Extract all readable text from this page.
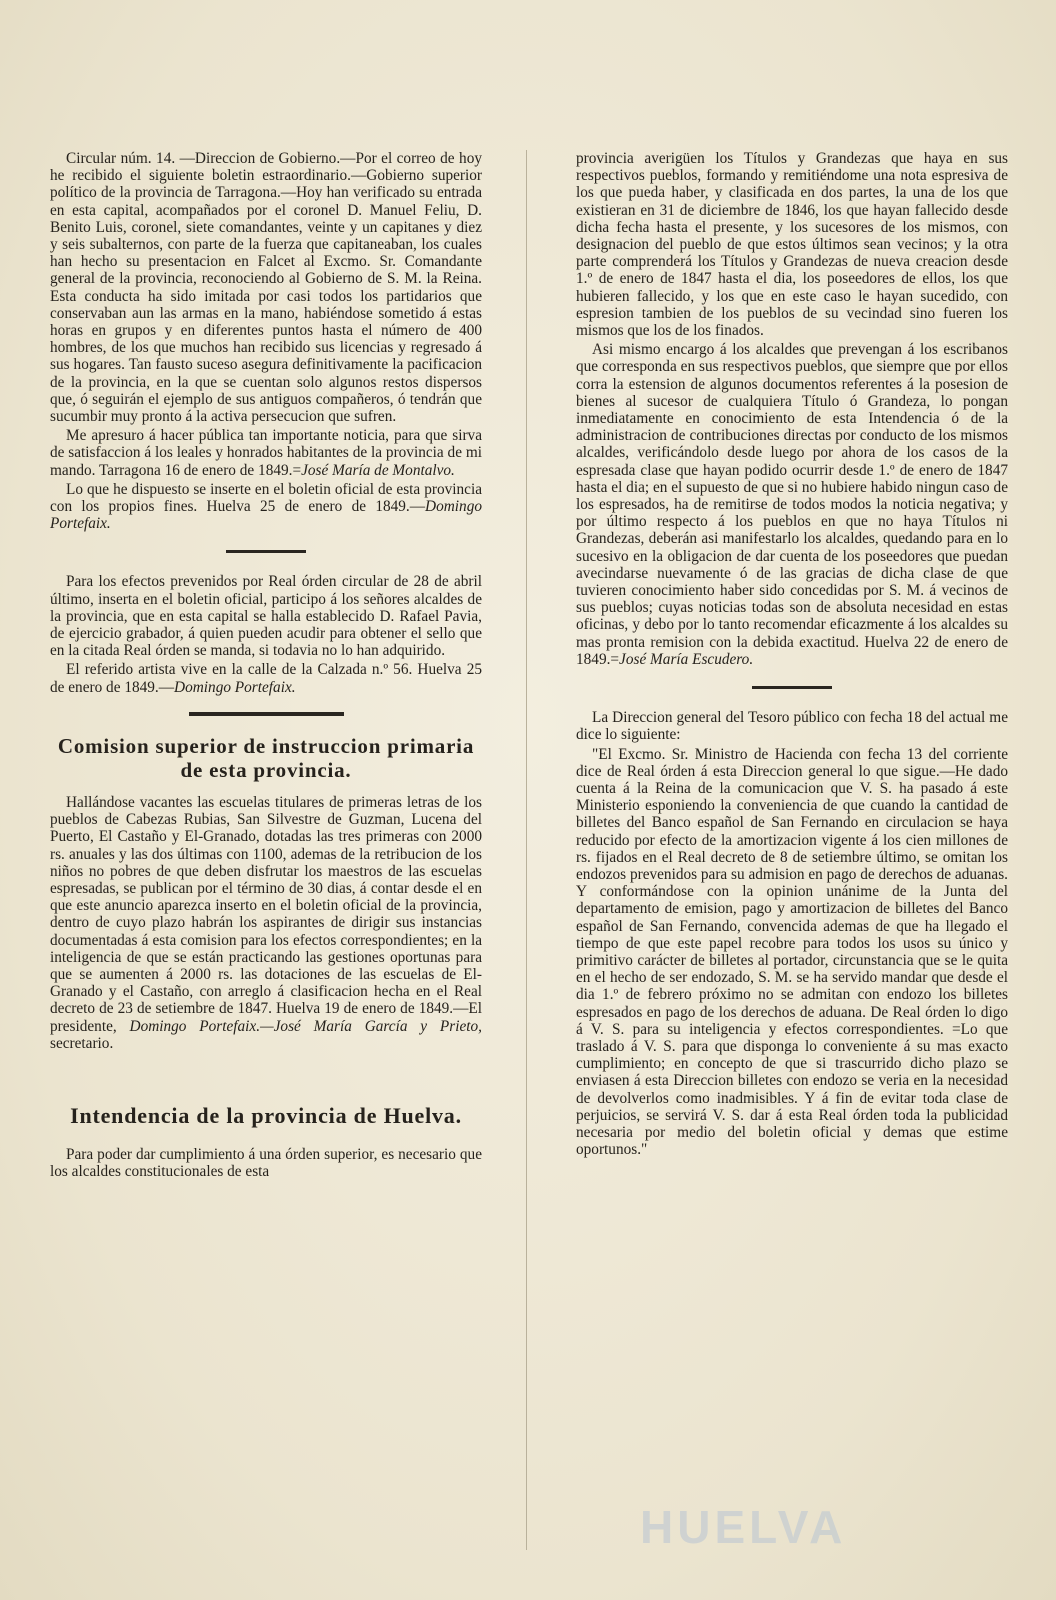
Circular núm. 14. —Direccion de Gobierno.—Por el correo de hoy he recibido el siguiente boletin estraordinario.—Gobierno superior político de la provincia de Tarragona.—Hoy han verificado su entrada en esta capital, acompañados por el coronel D. Manuel Feliu, D. Benito Luis, coronel, siete comandantes, veinte y un capitanes y diez y seis subalternos, con parte de la fuerza que capitaneaban, los cuales han hecho su presentacion en Falcet al Excmo. Sr. Comandante general de la provincia, reconociendo al Gobierno de S. M. la Reina. Esta conducta ha sido imitada por casi todos los partidarios que conservaban aun las armas en la mano, habiéndose sometido á estas horas en grupos y en diferentes puntos hasta el número de 400 hombres, de los que muchos han recibido sus licencias y regresado á sus hogares. Tan fausto suceso asegura definitivamente la pacificacion de la provincia, en la que se cuentan solo algunos restos dispersos que, ó seguirán el ejemplo de sus antiguos compañeros, ó tendrán que sucumbir muy pronto á la activa persecucion que sufren.

Me apresuro á hacer pública tan importante noticia, para que sirva de satisfaccion á los leales y honrados habitantes de la provincia de mi mando. Tarragona 16 de enero de 1849.=José María de Montalvo.

Lo que he dispuesto se inserte en el boletin oficial de esta provincia con los propios fines. Huelva 25 de enero de 1849.—Domingo Portefaix.

Para los efectos prevenidos por Real órden circular de 28 de abril último, inserta en el boletin oficial, participo á los señores alcaldes de la provincia, que en esta capital se halla establecido D. Rafael Pavia, de ejercicio grabador, á quien pueden acudir para obtener el sello que en la citada Real órden se manda, si todavia no lo han adquirido.

El referido artista vive en la calle de la Calzada n.º 56. Huelva 25 de enero de 1849.—Domingo Portefaix.

Comision superior de instruccion primaria de esta provincia.

Hallándose vacantes las escuelas titulares de primeras letras de los pueblos de Cabezas Rubias, San Silvestre de Guzman, Lucena del Puerto, El Castaño y El-Granado, dotadas las tres primeras con 2000 rs. anuales y las dos últimas con 1100, ademas de la retribucion de los niños no pobres de que deben disfrutar los maestros de las escuelas espresadas, se publican por el término de 30 dias, á contar desde el en que este anuncio aparezca inserto en el boletin oficial de la provincia, dentro de cuyo plazo habrán los aspirantes de dirigir sus instancias documentadas á esta comision para los efectos correspondientes; en la inteligencia de que se están practicando las gestiones oportunas para que se aumenten á 2000 rs. las dotaciones de las escuelas de El-Granado y el Castaño, con arreglo á clasificacion hecha en el Real decreto de 23 de setiembre de 1847. Huelva 19 de enero de 1849.—El presidente, Domingo Portefaix.—José María García y Prieto, secretario.

Intendencia de la provincia de Huelva.

Para poder dar cumplimiento á una órden superior, es necesario que los alcaldes constitucionales de esta

provincia averigüen los Títulos y Grandezas que haya en sus respectivos pueblos, formando y remitiéndome una nota espresiva de los que pueda haber, y clasificada en dos partes, la una de los que existieran en 31 de diciembre de 1846, los que hayan fallecido desde dicha fecha hasta el presente, y los sucesores de los mismos, con designacion del pueblo de que estos últimos sean vecinos; y la otra parte comprenderá los Títulos y Grandezas de nueva creacion desde 1.º de enero de 1847 hasta el dia, los poseedores de ellos, los que hubieren fallecido, y los que en este caso le hayan sucedido, con espresion tambien de los pueblos de su vecindad sino fueren los mismos que los de los finados.

Asi mismo encargo á los alcaldes que prevengan á los escribanos que corresponda en sus respectivos pueblos, que siempre que por ellos corra la estension de algunos documentos referentes á la posesion de bienes al sucesor de cualquiera Título ó Grandeza, lo pongan inmediatamente en conocimiento de esta Intendencia ó de la administracion de contribuciones directas por conducto de los mismos alcaldes, verificándolo desde luego por ahora de los casos de la espresada clase que hayan podido ocurrir desde 1.º de enero de 1847 hasta el dia; en el supuesto de que si no hubiere habido ningun caso de los espresados, ha de remitirse de todos modos la noticia negativa; y por último respecto á los pueblos en que no haya Títulos ni Grandezas, deberán asi manifestarlo los alcaldes, quedando para en lo sucesivo en la obligacion de dar cuenta de los poseedores que puedan avecindarse nuevamente ó de las gracias de dicha clase de que tuvieren conocimiento haber sido concedidas por S. M. á vecinos de sus pueblos; cuyas noticias todas son de absoluta necesidad en estas oficinas, y debo por lo tanto recomendar eficazmente á los alcaldes su mas pronta remision con la debida exactitud. Huelva 22 de enero de 1849.=José María Escudero.

La Direccion general del Tesoro público con fecha 18 del actual me dice lo siguiente:

"El Excmo. Sr. Ministro de Hacienda con fecha 13 del corriente dice de Real órden á esta Direccion general lo que sigue.—He dado cuenta á la Reina de la comunicacion que V. S. ha pasado á este Ministerio esponiendo la conveniencia de que cuando la cantidad de billetes del Banco español de San Fernando en circulacion se haya reducido por efecto de la amortizacion vigente á los cien millones de rs. fijados en el Real decreto de 8 de setiembre último, se omitan los endozos prevenidos para su admision en pago de derechos de aduanas. Y conformándose con la opinion unánime de la Junta del departamento de emision, pago y amortizacion de billetes del Banco español de San Fernando, convencida ademas de que ha llegado el tiempo de que este papel recobre para todos los usos su único y primitivo carácter de billetes al portador, circunstancia que se le quita en el hecho de ser endozado, S. M. se ha servido mandar que desde el dia 1.º de febrero próximo no se admitan con endozo los billetes espresados en pago de los derechos de aduana. De Real órden lo digo á V. S. para su inteligencia y efectos correspondientes. =Lo que traslado á V. S. para que disponga lo conveniente á su mas exacto cumplimiento; en concepto de que si trascurrido dicho plazo se enviasen á esta Direccion billetes con endozo se veria en la necesidad de devolverlos como inadmisibles. Y á fin de evitar toda clase de perjuicios, se servirá V. S. dar á esta Real órden toda la publicidad necesaria por medio del boletin oficial y demas que estime oportunos."

HUELVA
